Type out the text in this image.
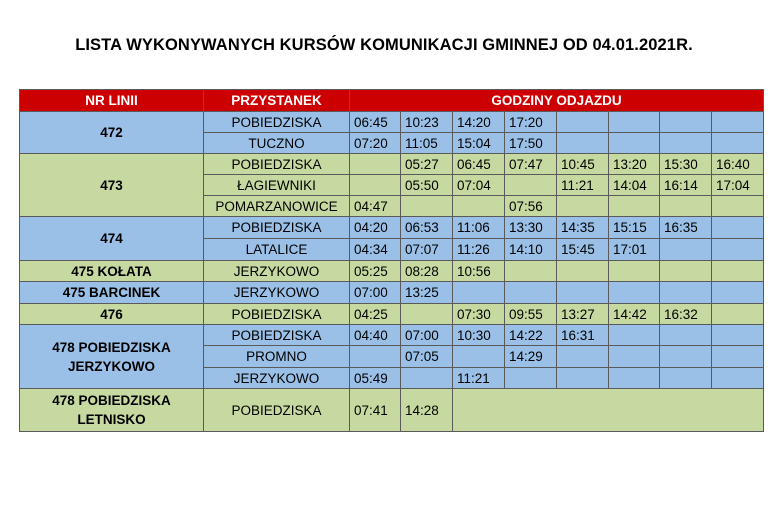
LISTA WYKONYWANYCH KURSÓW KOMUNIKACJI GMINNEJ OD 04.01.2021R.
NR LINII	PRZYSTANEK	GODZINY ODJAZDU							
472	POBIEDZISKA	06:45	10:23	14:20	17:20				
	TUCZNO	07:20	11:05	15:04	17:50				
473	POBIEDZISKA		05:27	06:45	07:47	10:45	13:20	15:30	16:40
	ŁAGIEWNIKI		05:50	07:04		11:21	14:04	16:14	17:04
	POMARZANOWICE	04:47			07:56				
474	POBIEDZISKA	04:20	06:53	11:06	13:30	14:35	15:15	16:35	
	LATALICE	04:34	07:07	11:26	14:10	15:45	17:01		
475 KOŁATA	JERZYKOWO	05:25	08:28	10:56					
475 BARCINEK	JERZYKOWO	07:00	13:25						
476	POBIEDZISKA	04:25		07:30	09:55	13:27	14:42	16:32	
478 POBIEDZISKA JERZYKOWO	POBIEDZISKA	04:40	07:00	10:30	14:22	16:31			
	PROMNO		07:05		14:29				
	JERZYKOWO	05:49		11:21					
478 POBIEDZISKA LETNISKO	POBIEDZISKA	07:41	14:28						
